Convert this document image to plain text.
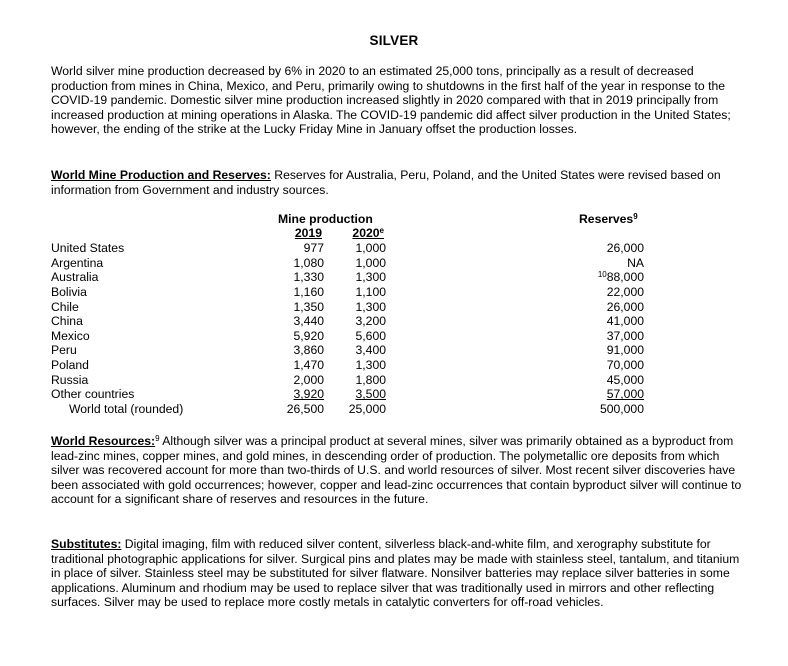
SILVER

World silver mine production decreased by 6% in 2020 to an estimated 25,000 tons, principally as a result of decreased production from mines in China, Mexico, and Peru, primarily owing to shutdowns in the first half of the year in response to the COVID-19 pandemic. Domestic silver mine production increased slightly in 2020 compared with that in 2019 principally from increased production at mining operations in Alaska. The COVID-19 pandemic did affect silver production in the United States; however, the ending of the strike at the Lucky Friday Mine in January offset the production losses.

World Mine Production and Reserves: Reserves for Australia, Peru, Poland, and the United States were revised based on information from Government and industry sources.

Mine production	Reserves$^9$
2019	2020e
United States	977	1,000	26,000
Argentina	1,080	1,000	NA
Australia	1,330	1,300	$^{10}$88,000
Bolivia	1,160	1,100	22,000
Chile	1,350	1,300	26,000
China	3,440	3,200	41,000
Mexico	5,920	5,600	37,000
Peru	3,860	3,400	91,000
Poland	1,470	1,300	70,000
Russia	2,000	1,800	45,000
Other countries	3,920	3,500	57,000
World total (rounded)	26,500	25,000	500,000

World Resources:$^9$ Although silver was a principal product at several mines, silver was primarily obtained as a byproduct from lead-zinc mines, copper mines, and gold mines, in descending order of production. The polymetallic ore deposits from which silver was recovered account for more than two-thirds of U.S. and world resources of silver. Most recent silver discoveries have been associated with gold occurrences; however, copper and lead-zinc occurrences that contain byproduct silver will continue to account for a significant share of reserves and resources in the future.

Substitutes: Digital imaging, film with reduced silver content, silverless black-and-white film, and xerography substitute for traditional photographic applications for silver. Surgical pins and plates may be made with stainless steel, tantalum, and titanium in place of silver. Stainless steel may be substituted for silver flatware. Nonsilver batteries may replace silver batteries in some applications. Aluminum and rhodium may be used to replace silver that was traditionally used in mirrors and other reflecting surfaces. Silver may be used to replace more costly metals in catalytic converters for off-road vehicles.
